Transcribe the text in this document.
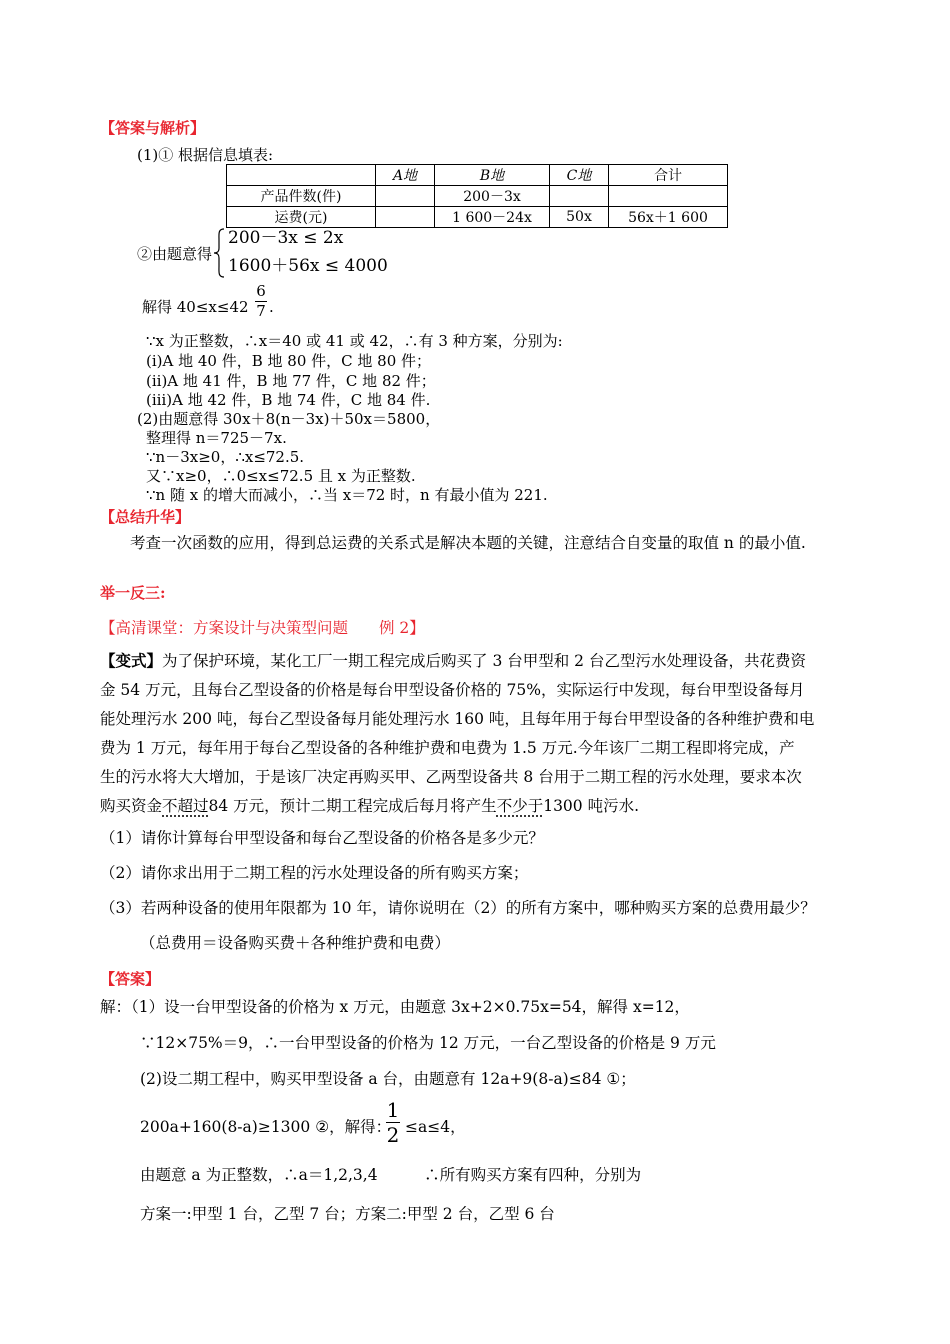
【答案与解析】
(1)① 根据信息填表:
	A地	B地	C地	合计
产品件数(件)		200－3x		
运费(元)		1 600－24x	50x	56x＋1 600
②由题意得
200－3x ≤ 2x
1600＋56x ≤ 4000
解得 40≤x≤42
6
7 .
∵x 为正整数，∴x＝40 或 41 或 42，∴有 3 种方案，分别为:
(ⅰ)A 地 40 件，B 地 80 件，C 地 80 件；
(ⅱ)A 地 41 件，B 地 77 件，C 地 82 件；
(ⅲ)A 地 42 件，B 地 74 件，C 地 84 件.
(2)由题意得 30x＋8(n－3x)＋50x＝5800，
整理得 n＝725－7x.
∵n－3x≥0，∴x≤72.5.
又∵x≥0，∴0≤x≤72.5 且 x 为正整数.
∵n 随 x 的增大而减小，∴当 x＝72 时，n 有最小值为 221.
【总结升华】
考查一次函数的应用，得到总运费的关系式是解决本题的关键，注意结合自变量的取值 n 的最小值.
举一反三:
【高清课堂：方案设计与决策型问题　　例 2】
【变式】为了保护环境，某化工厂一期工程完成后购买了 3 台甲型和 2 台乙型污水处理设备，共花费资
金 54 万元，且每台乙型设备的价格是每台甲型设备价格的 75%，实际运行中发现，每台甲型设备每月
能处理污水 200 吨，每台乙型设备每月能处理污水 160 吨，且每年用于每台甲型设备的各种维护费和电
费为 1 万元，每年用于每台乙型设备的各种维护费和电费为 1.5 万元.今年该厂二期工程即将完成，产
生的污水将大大增加，于是该厂决定再购买甲、乙两型设备共 8 台用于二期工程的污水处理，要求本次
购买资金不超过84 万元，预计二期工程完成后每月将产生不少于1300 吨污水.
（1）请你计算每台甲型设备和每台乙型设备的价格各是多少元？
（2）请你求出用于二期工程的污水处理设备的所有购买方案；
（3）若两种设备的使用年限都为 10 年，请你说明在（2）的所有方案中，哪种购买方案的总费用最少？
（总费用＝设备购买费＋各种维护费和电费）
【答案】
解：（1）设一台甲型设备的价格为 x 万元，由题意 3x+2×0.75x=54，解得 x=12，
∵12×75%＝9，∴一台甲型设备的价格为 12 万元，一台乙型设备的价格是 9 万元
(2)设二期工程中，购买甲型设备 a 台，由题意有 12a+9(8-a)≤84 ①；
200a+160(8-a)≥1300 ②，解得：
1
2 ≤a≤4，
由题意 a 为正整数，∴a＝1,2,3,4　　　∴所有购买方案有四种，分别为
方案一:甲型 1 台，乙型 7 台；方案二:甲型 2 台，乙型 6 台
